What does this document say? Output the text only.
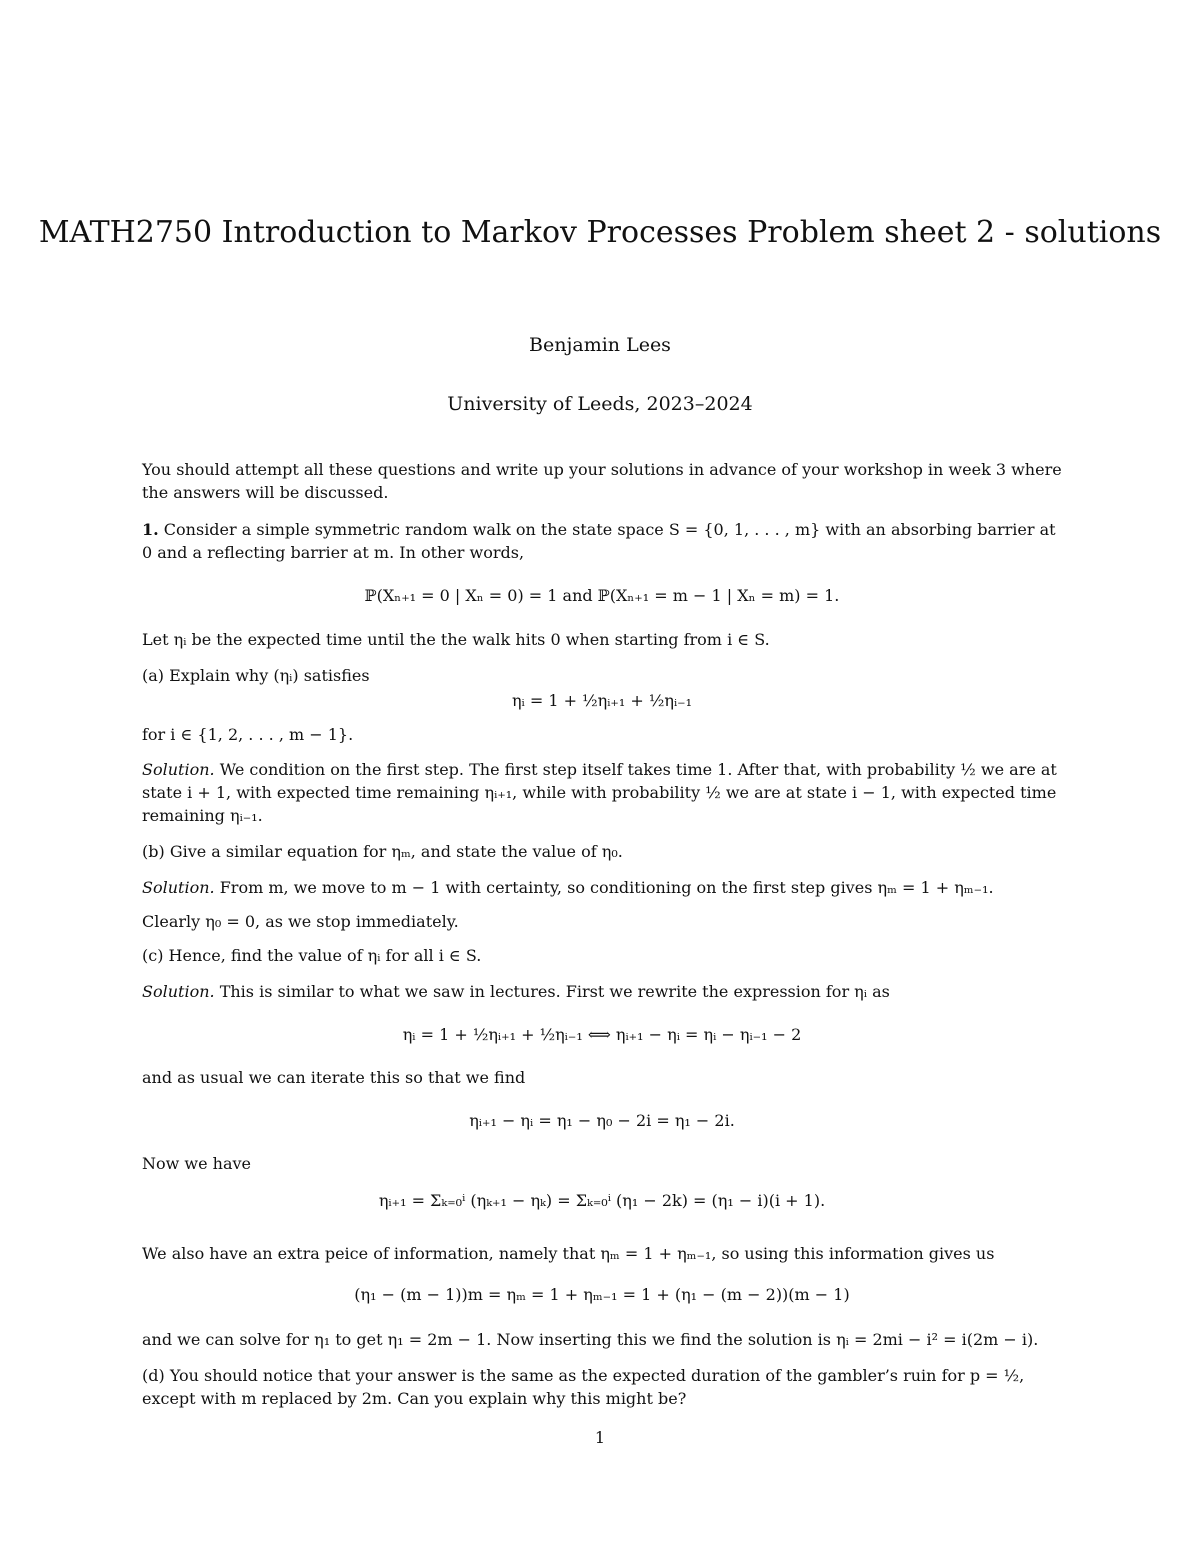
MATH2750 Introduction to Markov Processes Problem sheet 2 - solutions
Benjamin Lees
University of Leeds, 2023–2024
You should attempt all these questions and write up your solutions in advance of your workshop in week 3 where the answers will be discussed.
1. Consider a simple symmetric random walk on the state space S = {0, 1, . . . , m} with an absorbing barrier at 0 and a reflecting barrier at m. In other words,
ℙ(Xₙ₊₁ = 0 | Xₙ = 0) = 1 and ℙ(Xₙ₊₁ = m − 1 | Xₙ = m) = 1.
Let ηᵢ be the expected time until the the walk hits 0 when starting from i ∈ S.
(a) Explain why (ηᵢ) satisfies
ηᵢ = 1 + ½ηᵢ₊₁ + ½ηᵢ₋₁
for i ∈ {1, 2, . . . , m − 1}.
Solution. We condition on the first step. The first step itself takes time 1. After that, with probability ½ we are at state i + 1, with expected time remaining ηᵢ₊₁, while with probability ½ we are at state i − 1, with expected time remaining ηᵢ₋₁.
(b) Give a similar equation for ηₘ, and state the value of η₀.
Solution. From m, we move to m − 1 with certainty, so conditioning on the first step gives ηₘ = 1 + ηₘ₋₁.
Clearly η₀ = 0, as we stop immediately.
(c) Hence, find the value of ηᵢ for all i ∈ S.
Solution. This is similar to what we saw in lectures. First we rewrite the expression for ηᵢ as
ηᵢ = 1 + ½ηᵢ₊₁ + ½ηᵢ₋₁ ⟺ ηᵢ₊₁ − ηᵢ = ηᵢ − ηᵢ₋₁ − 2
and as usual we can iterate this so that we find
ηᵢ₊₁ − ηᵢ = η₁ − η₀ − 2i = η₁ − 2i.
Now we have
ηᵢ₊₁ = Σₖ₌₀ⁱ (ηₖ₊₁ − ηₖ) = Σₖ₌₀ⁱ (η₁ − 2k) = (η₁ − i)(i + 1).
We also have an extra peice of information, namely that ηₘ = 1 + ηₘ₋₁, so using this information gives us
(η₁ − (m − 1))m = ηₘ = 1 + ηₘ₋₁ = 1 + (η₁ − (m − 2))(m − 1)
and we can solve for η₁ to get η₁ = 2m − 1. Now inserting this we find the solution is ηᵢ = 2mi − i² = i(2m − i).
(d) You should notice that your answer is the same as the expected duration of the gambler’s ruin for p = ½, except with m replaced by 2m. Can you explain why this might be?
1
